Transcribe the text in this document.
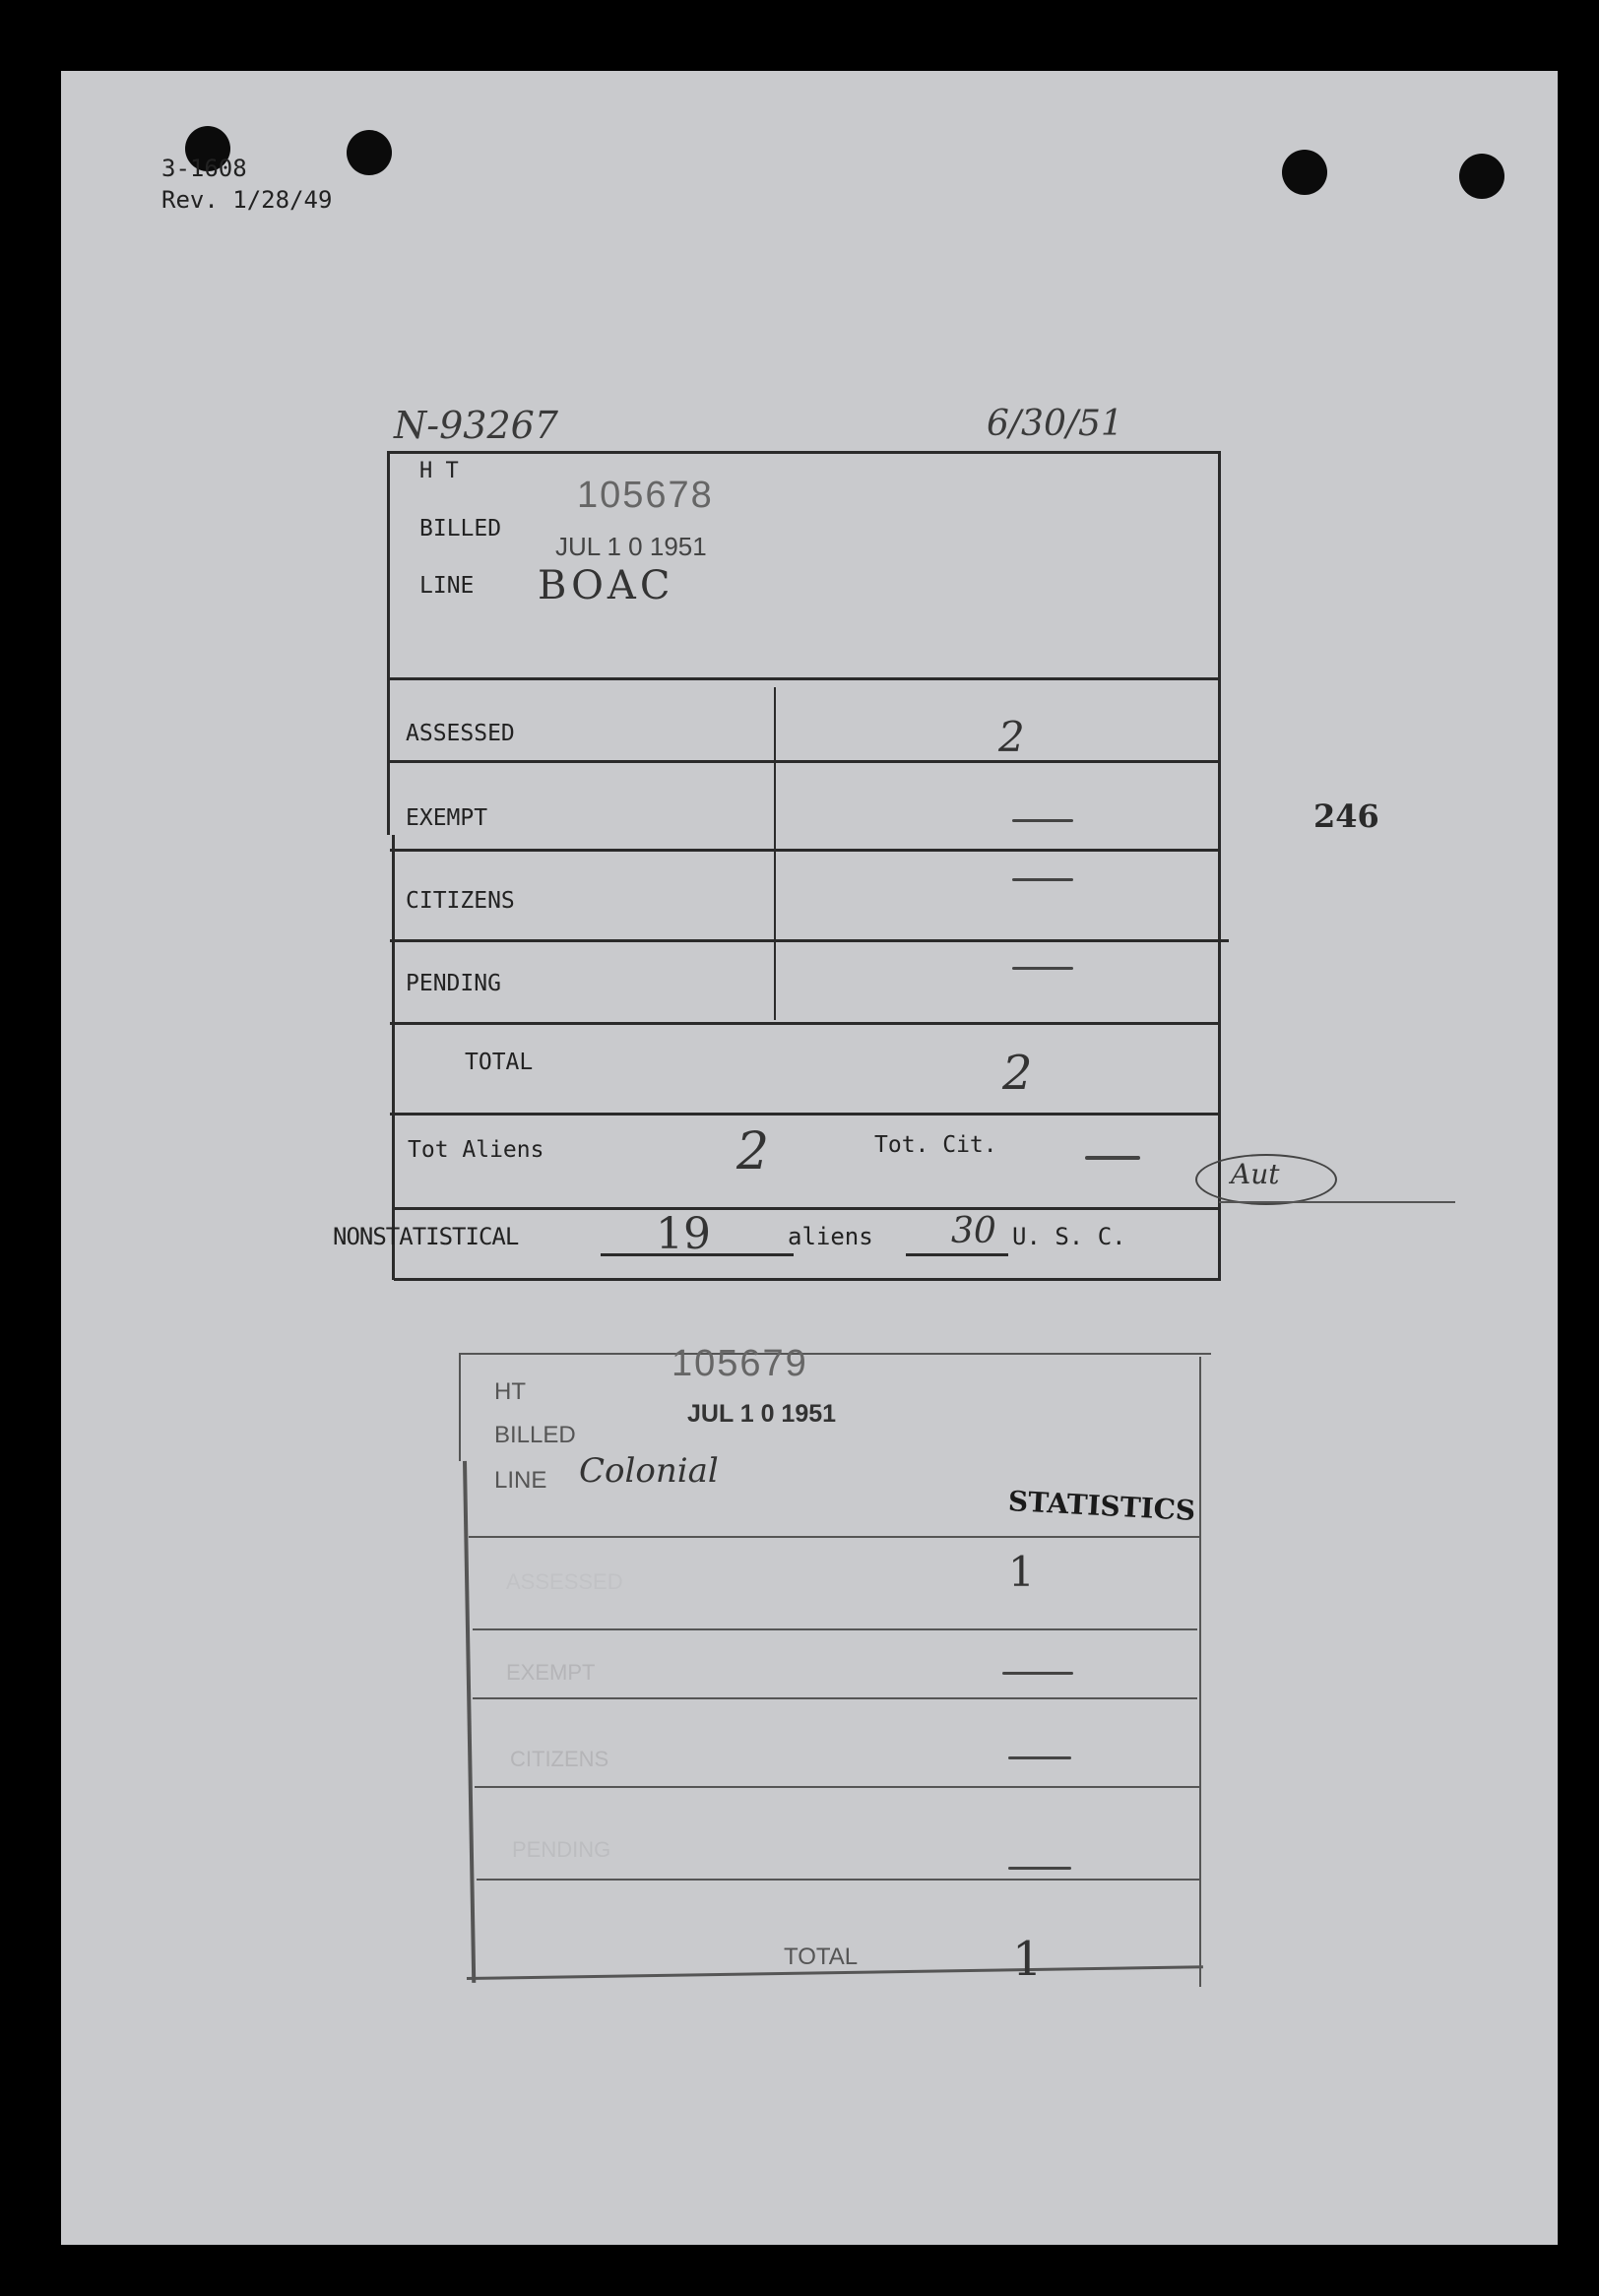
3-1608
Rev. 1/28/49
N-93267	6/30/51
H T
105678
BILLED
JUL 1 0 1951
LINE BOAC
ASSESSED	2
EXEMPT
CITIZENS
PENDING
TOTAL	2
Tot Aliens	2	Tot. Cit.
Aut
246
NONSTATISTICAL	19	aliens 30 U. S. C.
HT
105679
BILLED
JUL 1 0 1951
LINE Colonial
STATISTICS
ASSESSED	1
EXEMPT
CITIZENS
PENDING
TOTAL	1
